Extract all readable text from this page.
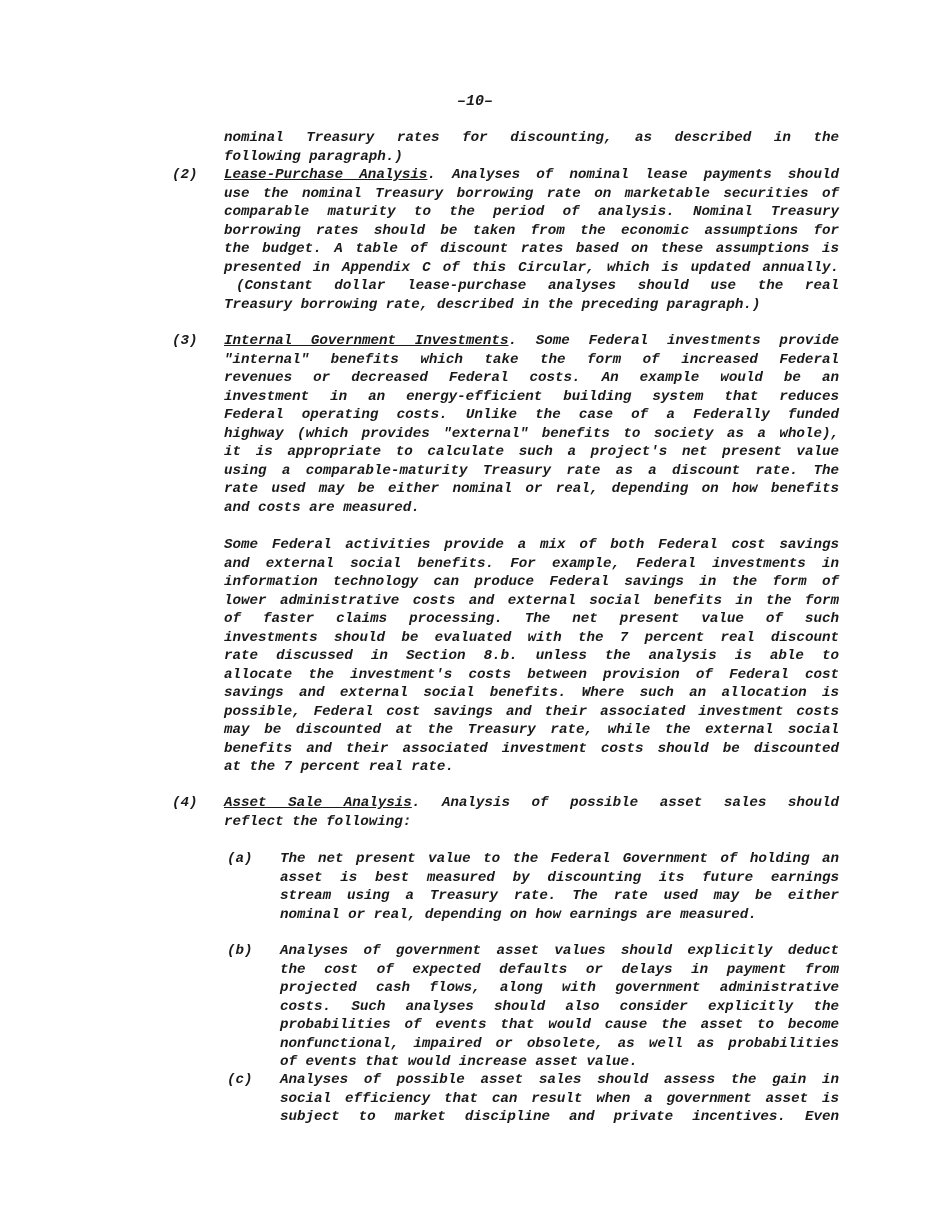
–10–
nominal Treasury rates for discounting, as described in the
following paragraph.)
(2) Lease-Purchase Analysis. Analyses of nominal lease payments should
use the nominal Treasury borrowing rate on marketable securities of
comparable maturity to the period of analysis. Nominal Treasury
borrowing rates should be taken from the economic assumptions for
the budget. A table of discount rates based on these assumptions is
presented in Appendix C of this Circular, which is updated annually.
(Constant dollar lease-purchase analyses should use the real
Treasury borrowing rate, described in the preceding paragraph.)
(3) Internal Government Investments. Some Federal investments provide
"internal" benefits which take the form of increased Federal
revenues or decreased Federal costs. An example would be an
investment in an energy-efficient building system that reduces
Federal operating costs. Unlike the case of a Federally funded
highway (which provides "external" benefits to society as a whole),
it is appropriate to calculate such a project's net present value
using a comparable-maturity Treasury rate as a discount rate. The
rate used may be either nominal or real, depending on how benefits
and costs are measured.
Some Federal activities provide a mix of both Federal cost savings
and external social benefits. For example, Federal investments in
information technology can produce Federal savings in the form of
lower administrative costs and external social benefits in the form
of faster claims processing. The net present value of such
investments should be evaluated with the 7 percent real discount
rate discussed in Section 8.b. unless the analysis is able to
allocate the investment's costs between provision of Federal cost
savings and external social benefits. Where such an allocation is
possible, Federal cost savings and their associated investment costs
may be discounted at the Treasury rate, while the external social
benefits and their associated investment costs should be discounted
at the 7 percent real rate.
(4) Asset Sale Analysis. Analysis of possible asset sales should
reflect the following:
(a) The net present value to the Federal Government of holding an
asset is best measured by discounting its future earnings
stream using a Treasury rate. The rate used may be either
nominal or real, depending on how earnings are measured.
(b) Analyses of government asset values should explicitly deduct
the cost of expected defaults or delays in payment from
projected cash flows, along with government administrative
costs. Such analyses should also consider explicitly the
probabilities of events that would cause the asset to become
nonfunctional, impaired or obsolete, as well as probabilities
of events that would increase asset value.
(c) Analyses of possible asset sales should assess the gain in
social efficiency that can result when a government asset is
subject to market discipline and private incentives. Even
